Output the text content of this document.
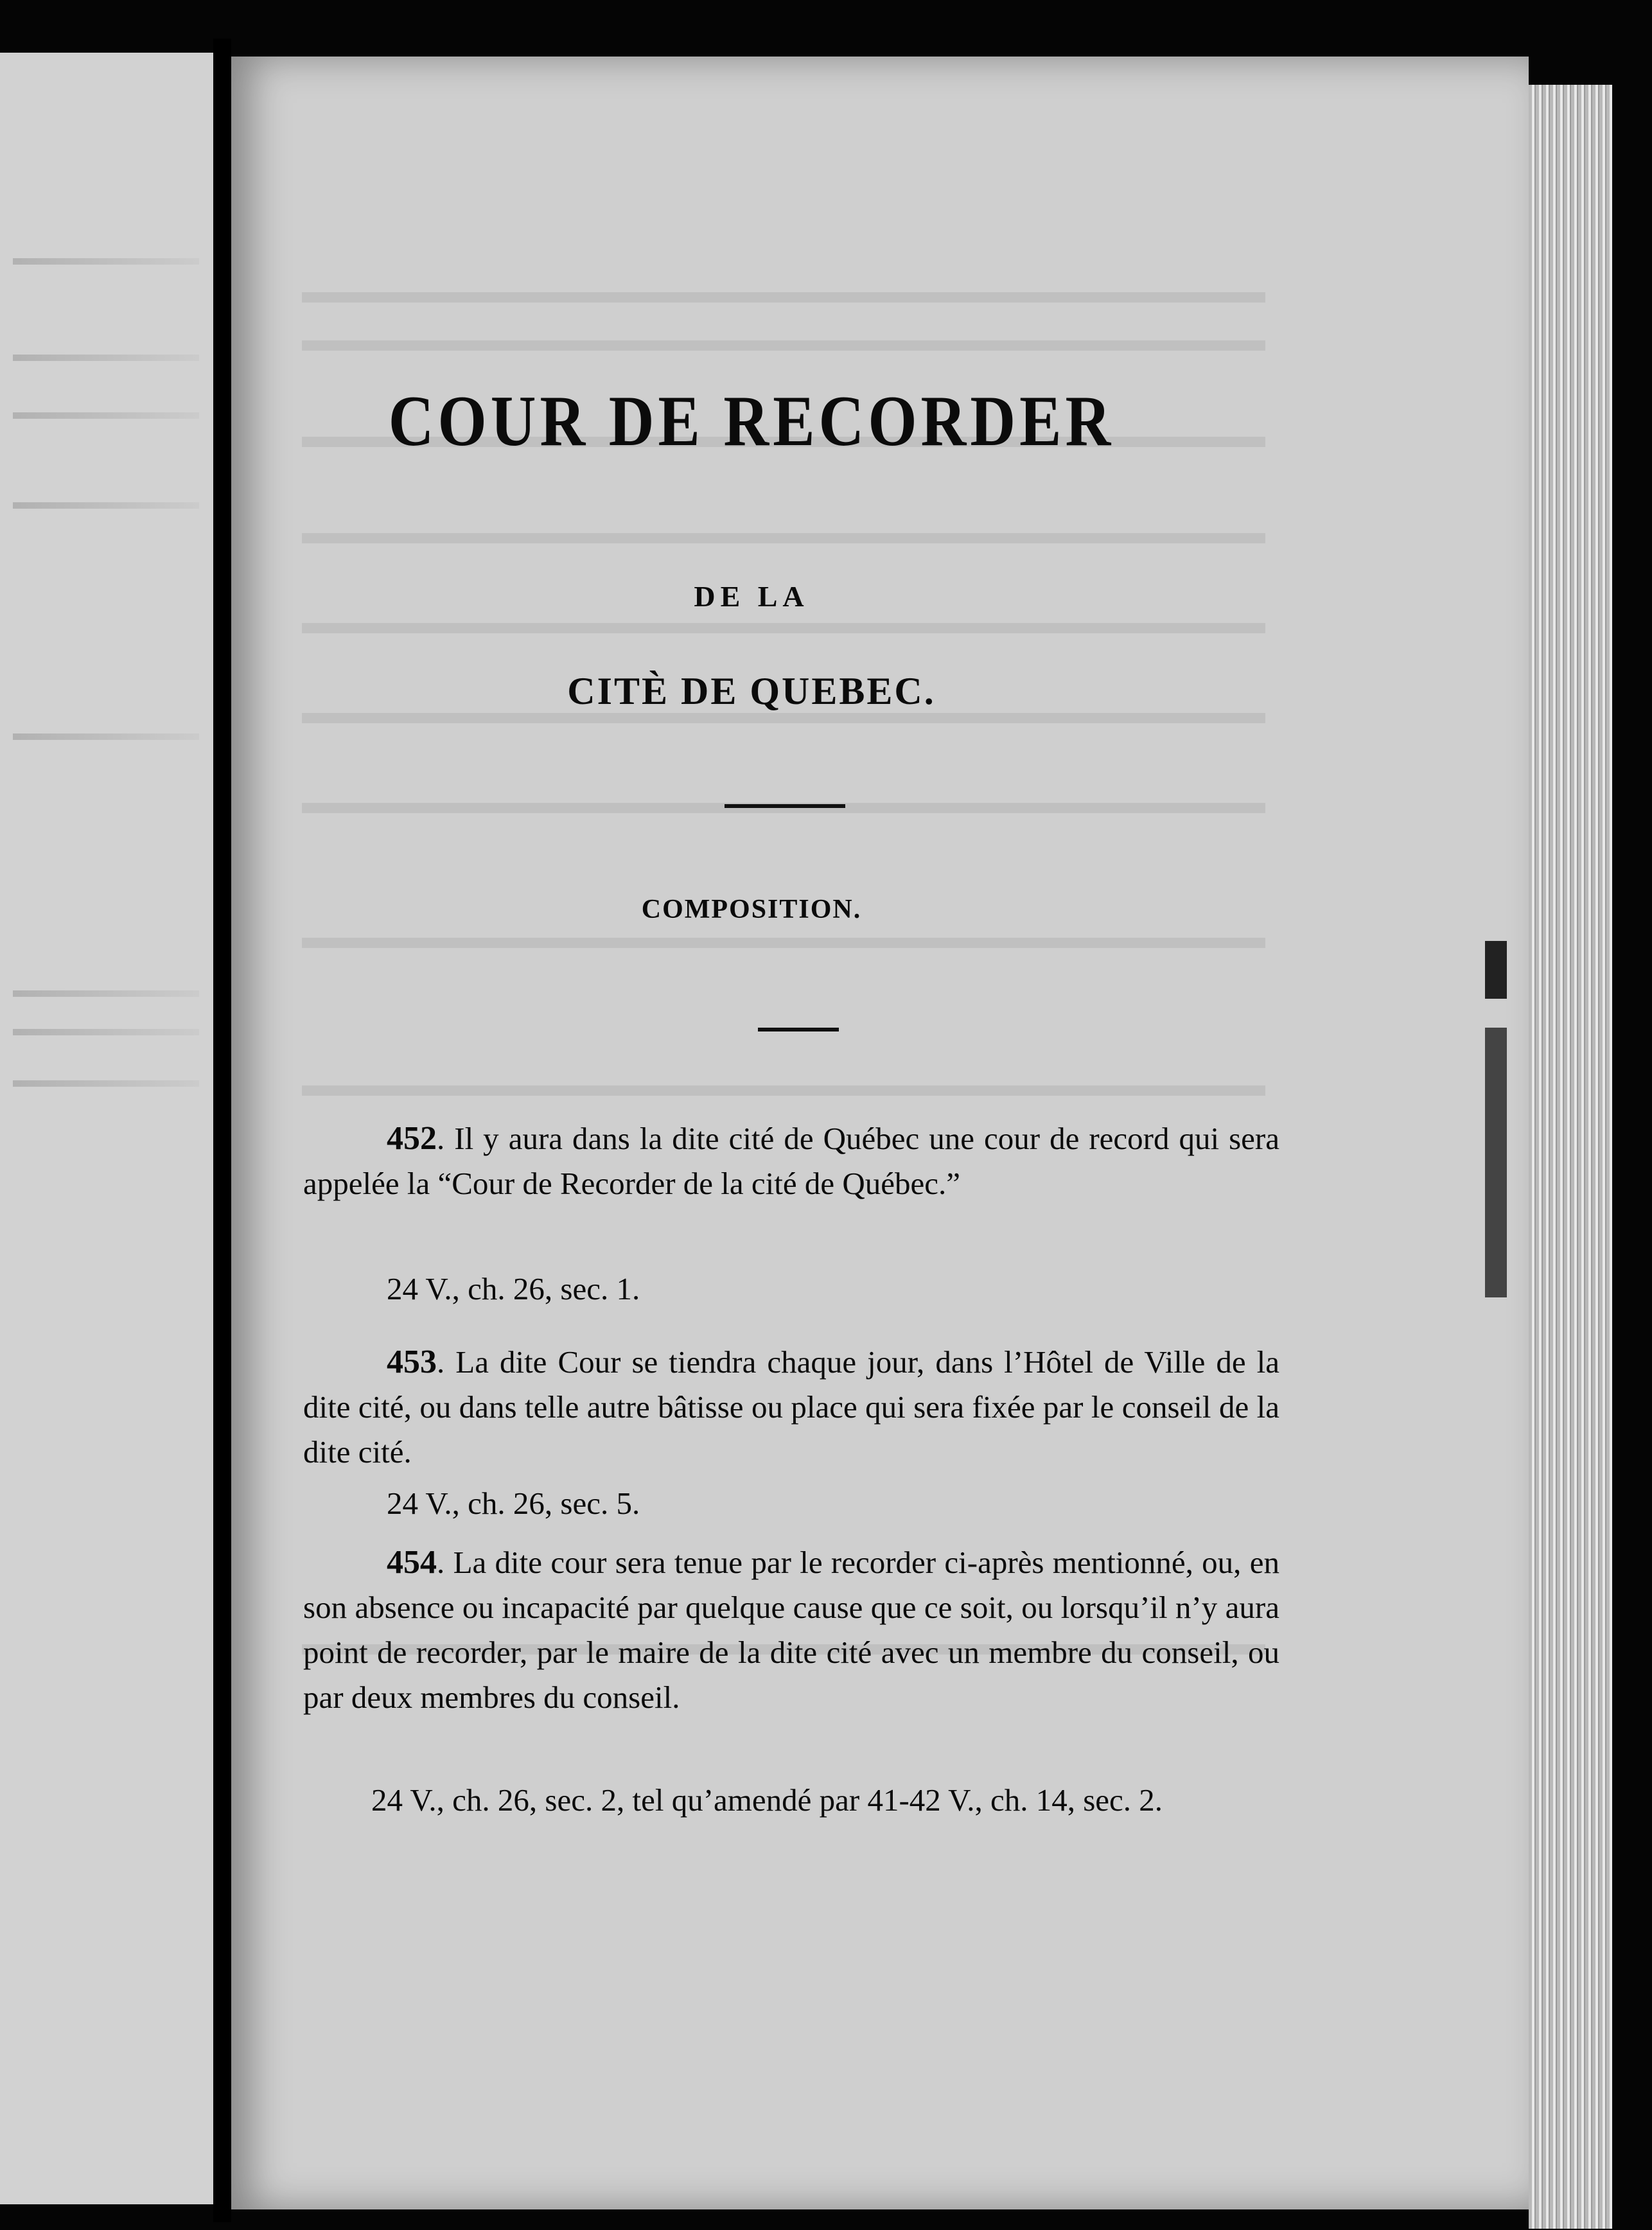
COUR DE RECORDER
DE LA
CITÈ DE QUEBEC.
COMPOSITION.

452. Il y aura dans la dite cité de Québec une cour de record qui sera appelée la “Cour de Recorder de la cité de Québec.”

24 V., ch. 26, sec. 1.

453. La dite Cour se tiendra chaque jour, dans l’Hôtel de Ville de la dite cité, ou dans telle autre bâtisse ou place qui sera fixée par le conseil de la dite cité.

24 V., ch. 26, sec. 5.

454. La dite cour sera tenue par le recorder ci-après mentionné, ou, en son absence ou incapacité par quelque cause que ce soit, ou lorsqu’il n’y aura point de recorder, par le maire de la dite cité avec un membre du conseil, ou par deux membres du conseil.

24 V., ch. 26, sec. 2, tel qu’amendé par 41-42 V., ch. 14, sec. 2.
